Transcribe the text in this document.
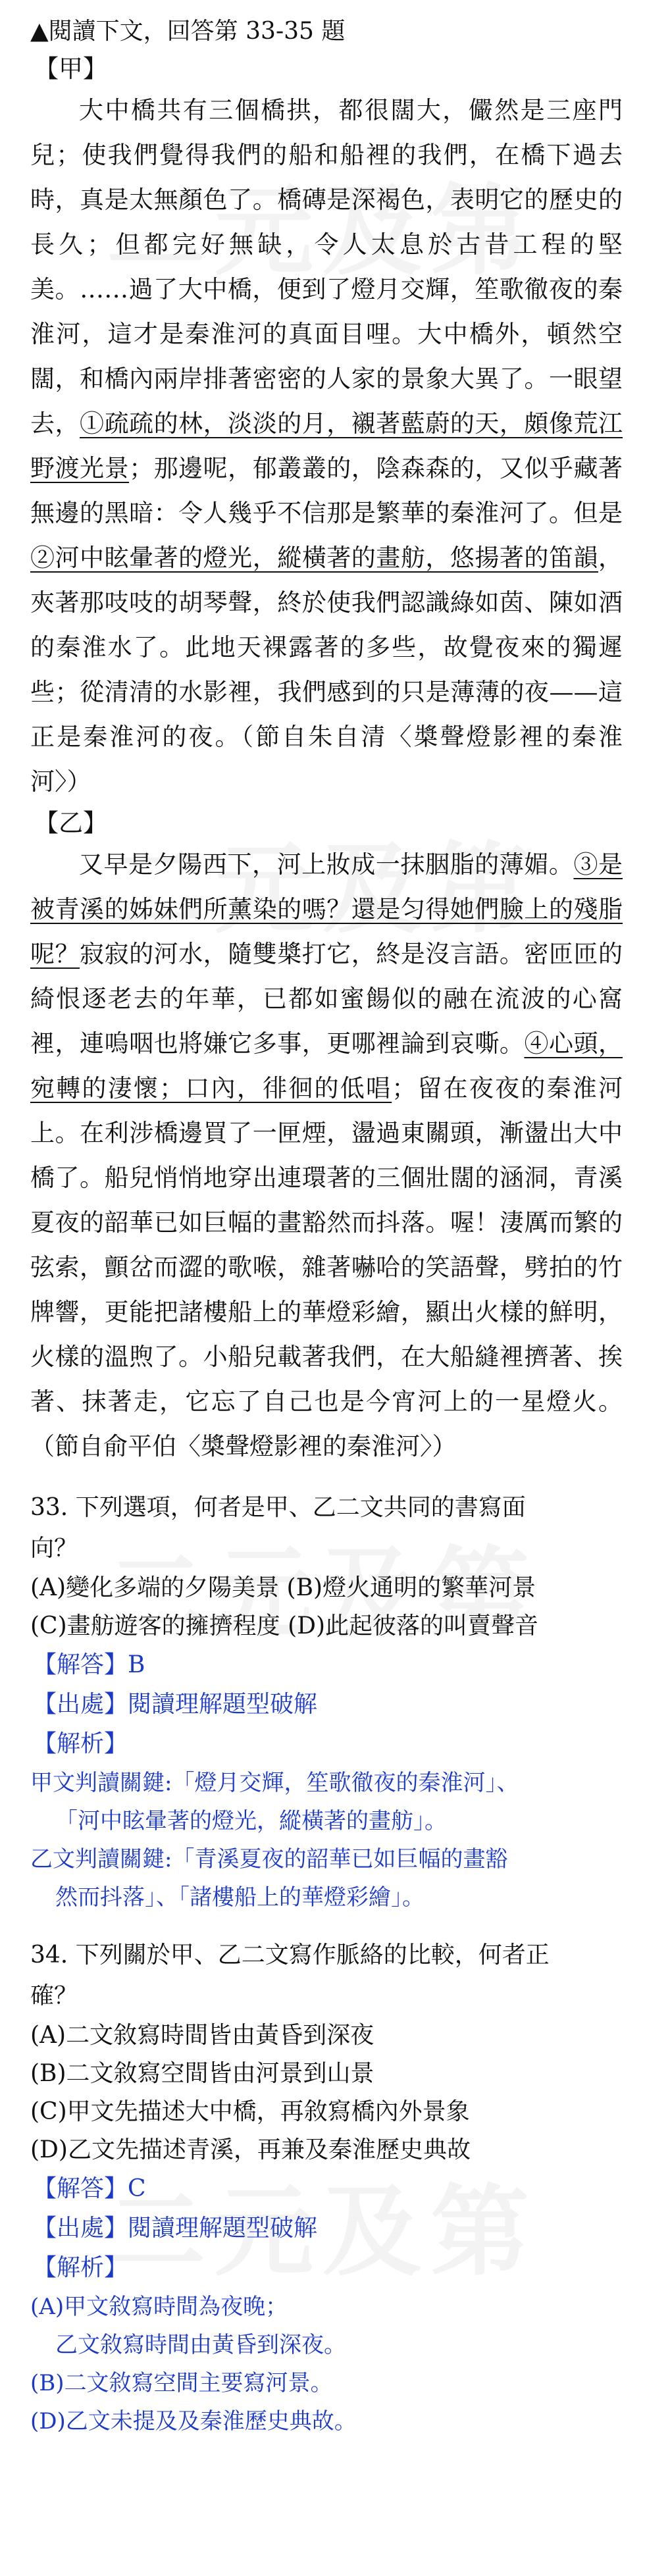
▲閱讀下文，回答第 33-35 題

【甲】

大中橋共有三個橋拱，都很闊大，儼然是三座門兒；使我們覺得我們的船和船裡的我們，在橋下過去時，真是太無顏色了。橋磚是深褐色，表明它的歷史的長久；但都完好無缺，令人太息於古昔工程的堅美。……過了大中橋，便到了燈月交輝，笙歌徹夜的秦淮河，這才是秦淮河的真面目哩。大中橋外，頓然空闊，和橋內兩岸排著密密的人家的景象大異了。一眼望去，①疏疏的林，淡淡的月，襯著藍蔚的天，頗像荒江野渡光景；那邊呢，郁叢叢的，陰森森的，又似乎藏著無邊的黑暗：令人幾乎不信那是繁華的秦淮河了。但是②河中眩暈著的燈光，縱橫著的畫舫，悠揚著的笛韻，夾著那吱吱的胡琴聲，終於使我們認識綠如茵、陳如酒的秦淮水了。此地天裸露著的多些，故覺夜來的獨遲些；從清清的水影裡，我們感到的只是薄薄的夜——這正是秦淮河的夜。（節自朱自清〈槳聲燈影裡的秦淮河〉）

【乙】

又早是夕陽西下，河上妝成一抹胭脂的薄媚。③是被青溪的姊妹們所薰染的嗎？還是匀得她們臉上的殘脂呢？寂寂的河水，隨雙槳打它，終是沒言語。密匝匝的綺恨逐老去的年華，已都如蜜餳似的融在流波的心窩裡，連嗚咽也將嫌它多事，更哪裡論到哀嘶。④心頭，宛轉的淒懷；口內，徘徊的低唱；留在夜夜的秦淮河上。在利涉橋邊買了一匣煙，盪過東關頭，漸盪出大中橋了。船兒悄悄地穿出連環著的三個壯闊的涵洞，青溪夏夜的韶華已如巨幅的畫豁然而抖落。喔！淒厲而繁的弦索，顫岔而澀的歌喉，雜著嚇哈的笑語聲，劈拍的竹牌響，更能把諸樓船上的華燈彩繪，顯出火樣的鮮明，火樣的溫煦了。小船兒載著我們，在大船縫裡擠著、挨著、抹著走，它忘了自己也是今宵河上的一星燈火。（節自俞平伯〈槳聲燈影裡的秦淮河〉）

33. 下列選項，何者是甲、乙二文共同的書寫面

向？

(A)變化多端的夕陽美景 (B)燈火通明的繁華河景

(C)畫舫遊客的擁擠程度 (D)此起彼落的叫賣聲音

【解答】B

【出處】閱讀理解題型破解

【解析】

甲文判讀關鍵:「燈月交輝，笙歌徹夜的秦淮河」、

「河中眩暈著的燈光，縱橫著的畫舫」。

乙文判讀關鍵:「青溪夏夜的韶華已如巨幅的畫豁

然而抖落」、「諸樓船上的華燈彩繪」。

34. 下列關於甲、乙二文寫作脈絡的比較，何者正

確？

(A)二文敘寫時間皆由黃昏到深夜

(B)二文敘寫空間皆由河景到山景

(C)甲文先描述大中橋，再敘寫橋內外景象

(D)乙文先描述青溪，再兼及秦淮歷史典故

【解答】C

【出處】閱讀理解題型破解

【解析】

(A)甲文敘寫時間為夜晚；

乙文敘寫時間由黃昏到深夜。

(B)二文敘寫空間主要寫河景。

(D)乙文未提及及秦淮歷史典故。
